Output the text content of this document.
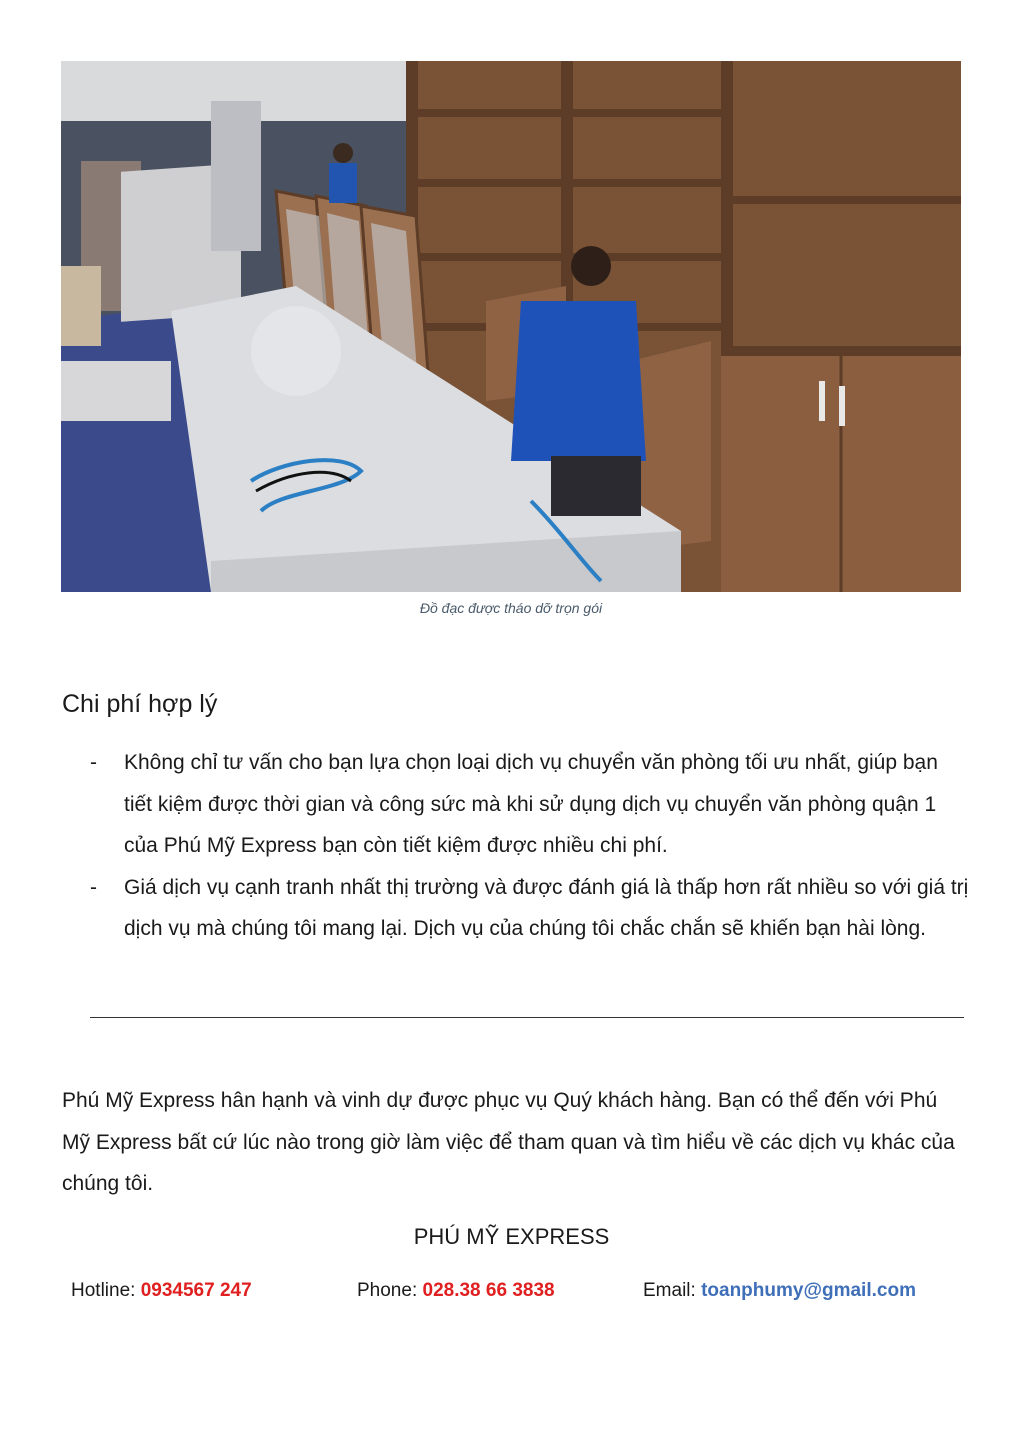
Đồ đạc được tháo dỡ trọn gói
Chi phí hợp lý
- Không chỉ tư vấn cho bạn lựa chọn loại dịch vụ chuyển văn phòng tối ưu nhất, giúp bạn tiết kiệm được thời gian và công sức mà khi sử dụng dịch vụ chuyển văn phòng quận 1 của Phú Mỹ Express bạn còn tiết kiệm được nhiều chi phí.
- Giá dịch vụ cạnh tranh nhất thị trường và được đánh giá là thấp hơn rất nhiều so với giá trị dịch vụ mà chúng tôi mang lại. Dịch vụ của chúng tôi chắc chắn sẽ khiến bạn hài lòng.

Phú Mỹ Express hân hạnh và vinh dự được phục vụ Quý khách hàng. Bạn có thể đến với Phú Mỹ Express bất cứ lúc nào trong giờ làm việc để tham quan và tìm hiểu về các dịch vụ khác của chúng tôi.

PHÚ MỸ EXPRESS

Hotline: 0934567 247	Phone: 028.38 66 3838	Email: toanphumy@gmail.com
